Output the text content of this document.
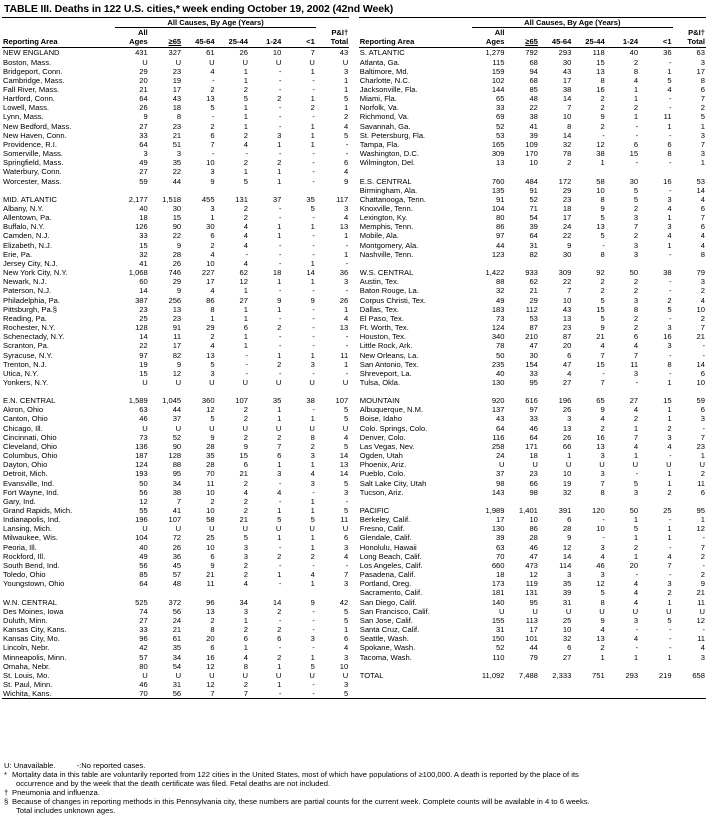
TABLE III. Deaths in 122 U.S. cities,* week ending October 19, 2002 (42nd Week)
	All Causes, By Age (Years)									All Causes, By Age (Years)						
Reporting Area	All
Ages	≥65	45-64	25-44	1-24	<1	P&I†
Total		Reporting Area	All
Ages	≥65	45-64	25-44	1-24	<1	P&I†
Total
NEW ENGLAND	431	327	61	26	10	7	43		S. ATLANTIC	1,279	792	293	118	40	36	63
Boston, Mass.	U	U	U	U	U	U	U		Atlanta, Ga.	115	68	30	15	2	-	3
Bridgeport, Conn.	29	23	4	1	-	1	3		Baltimore, Md.	159	94	43	13	8	1	17
Cambridge, Mass.	20	19	-	1	-	-	1		Charlotte, N.C.	102	68	17	8	4	5	8
Fall River, Mass.	21	17	2	2	-	-	1		Jacksonville, Fla.	144	85	38	16	1	4	6
Hartford, Conn.	64	43	13	5	2	1	5		Miami, Fla.	65	48	14	2	1	-	7
Lowell, Mass.	26	18	5	1	-	2	1		Norfolk, Va.	33	22	7	2	2	-	2
Lynn, Mass.	9	8	-	1	-	-	2		Richmond, Va.	69	38	10	9	1	11	5
New Bedford, Mass.	27	23	2	1	-	1	4		Savannah, Ga.	52	41	8	2	-	1	1
New Haven, Conn.	33	21	6	2	3	1	5		St. Petersburg, Fla.	53	39	14	-	-	-	3
Providence, R.I.	64	51	7	4	1	1	-		Tampa, Fla.	165	109	32	12	6	6	7
Somerville, Mass.	3	3	-	-	-	-	-		Washington, D.C.	309	170	78	38	15	8	3
Springfield, Mass.	49	35	10	2	2	-	6		Wilmington, Del.	13	10	2	1	-	-	1
Waterbury, Conn.	27	22	3	1	1	-	4									
Worcester, Mass.	59	44	9	5	1	-	9		E.S. CENTRAL	760	484	172	58	30	16	53
									Birmingham, Ala.	135	91	29	10	5	-	14
MID. ATLANTIC	2,177	1,518	455	131	37	35	117		Chattanooga, Tenn.	91	52	23	8	5	3	4
Albany, N.Y.	40	30	3	2	-	5	3		Knoxville, Tenn.	104	71	18	9	2	4	6
Allentown, Pa.	18	15	1	2	-	-	4		Lexington, Ky.	80	54	17	5	3	1	7
Buffalo, N.Y.	126	90	30	4	1	1	13		Memphis, Tenn.	86	39	24	13	7	3	6
Camden, N.J.	33	22	6	4	1	-	1		Mobile, Ala.	97	64	22	5	2	4	4
Elizabeth, N.J.	15	9	2	4	-	-	-		Montgomery, Ala.	44	31	9	-	3	1	4
Erie, Pa.	32	28	4	-	-	-	1		Nashville, Tenn.	123	82	30	8	3	-	8
Jersey City, N.J.	41	26	10	4	-	1	-									
New York City, N.Y.	1,068	746	227	62	18	14	36		W.S. CENTRAL	1,422	933	309	92	50	38	79
Newark, N.J.	60	29	17	12	1	1	3		Austin, Tex.	88	62	22	2	2	-	3
Paterson, N.J.	14	9	4	1	-	-	-		Baton Rouge, La.	32	21	7	2	2	-	2
Philadelphia, Pa.	387	256	86	27	9	9	26		Corpus Christi, Tex.	49	29	10	5	3	2	4
Pittsburgh, Pa.§	23	13	8	1	1	-	1		Dallas, Tex.	183	112	43	15	8	5	10
Reading, Pa.	25	23	1	1	-	-	4		El Paso, Tex.	73	53	13	5	2	-	2
Rochester, N.Y.	128	91	29	6	2	-	13		Ft. Worth, Tex.	124	87	23	9	2	3	7
Schenectady, N.Y.	14	11	2	1	-	-	-		Houston, Tex.	340	210	87	21	6	16	21
Scranton, Pa.	22	17	4	1	-	-	-		Little Rock, Ark.	78	47	20	4	4	3	-
Syracuse, N.Y.	97	82	13	-	1	1	11		New Orleans, La.	50	30	6	7	7	-	-
Trenton, N.J.	19	9	5	-	2	3	1		San Antonio, Tex.	235	154	47	15	11	8	14
Utica, N.Y.	15	12	3	-	-	-	-		Shreveport, La.	40	33	4	-	3	-	6
Yonkers, N.Y.	U	U	U	U	U	U	U		Tulsa, Okla.	130	95	27	7	-	1	10

E.N. CENTRAL	1,589	1,045	360	107	35	38	107		MOUNTAIN	920	616	196	65	27	15	59
Akron, Ohio	63	44	12	2	1	-	5		Albuquerque, N.M.	137	97	26	9	4	1	6
Canton, Ohio	46	37	5	2	1	1	5		Boise, Idaho	43	33	3	4	2	1	3
Chicago, Ill.	U	U	U	U	U	U	U		Colo. Springs, Colo.	64	46	13	2	1	2	-
Cincinnati, Ohio	73	52	9	2	2	8	4		Denver, Colo.	116	64	26	16	7	3	7
Cleveland, Ohio	136	90	28	9	7	2	5		Las Vegas, Nev.	258	171	66	13	4	4	23
Columbus, Ohio	187	128	35	15	6	3	14		Ogden, Utah	24	18	1	3	1	-	1
Dayton, Ohio	124	88	28	6	1	1	13		Phoenix, Ariz.	U	U	U	U	U	U	U
Detroit, Mich.	193	95	70	21	3	4	14		Pueblo, Colo.	37	23	10	3	-	1	2
Evansville, Ind.	50	34	11	2	-	3	5		Salt Lake City, Utah	98	66	19	7	5	1	11
Fort Wayne, Ind.	56	38	10	4	4	-	3		Tucson, Ariz.	143	98	32	8	3	2	6
Gary, Ind.	12	7	2	2	-	1	-									
Grand Rapids, Mich.	55	41	10	2	1	1	5		PACIFIC	1,989	1,401	391	120	50	25	95
Indianapolis, Ind.	196	107	58	21	5	5	11		Berkeley, Calif.	17	10	6	-	1	-	1
Lansing, Mich.	U	U	U	U	U	U	U		Fresno, Calif.	130	86	28	10	5	1	12
Milwaukee, Wis.	104	72	25	5	1	1	6		Glendale, Calif.	39	28	9	-	1	1	-
Peoria, Ill.	40	26	10	3	-	1	3		Honolulu, Hawaii	63	46	12	3	2	-	7
Rockford, Ill.	49	36	6	3	2	2	4		Long Beach, Calif.	70	47	14	4	1	4	2
South Bend, Ind.	56	45	9	2	-	-	-		Los Angeles, Calif.	660	473	114	46	20	7	-
Toledo, Ohio	85	57	21	2	1	4	7		Pasadena, Calif.	18	12	3	3	-	-	2
Youngstown, Ohio	64	48	11	4	-	1	3		Portland, Oreg.	173	119	35	12	4	3	9
									Sacramento, Calif.	181	131	39	5	4	2	21
W.N. CENTRAL	525	372	96	34	14	9	42		San Diego, Calif.	140	95	31	8	4	1	11
Des Moines, Iowa	74	56	13	3	2	-	5		San Francisco, Calif.	U	U	U	U	U	U	U
Duluth, Minn.	27	24	2	1	-	-	5		San Jose, Calif.	155	113	25	9	3	5	12
Kansas City, Kans.	33	21	8	2	2	-	1		Santa Cruz, Calif.	31	17	10	4	-	-	-
Kansas City, Mo.	96	61	20	6	6	3	6		Seattle, Wash.	150	101	32	13	4	-	11
Lincoln, Nebr.	42	35	6	1	-	-	4		Spokane, Wash.	52	44	6	2	-	-	4
Minneapolis, Minn.	57	34	16	4	2	1	3		Tacoma, Wash.	110	79	27	1	1	1	3
Omaha, Nebr.	80	54	12	8	1	5	10									
St. Louis, Mo.	U	U	U	U	U	U	U		TOTAL	11,092	7,488	2,333	751	293	219	658
St. Paul, Minn.	46	31	12	2	1	-	3									
Wichita, Kans.	70	56	7	7	-	-	5									
U: Unavailable.	-:No reported cases.
* Mortality data in this table are voluntarily reported from 122 cities in the United States, most of which have populations of ≥100,000. A death is reported by the place of its
occurrence and by the week that the death certificate was filed. Fetal deaths are not included.
† Pneumonia and influenza.
§ Because of changes in reporting methods in this Pennsylvania city, these numbers are partial counts for the current week. Complete counts will be available in 4 to 6 weeks.
Total includes unknown ages.
